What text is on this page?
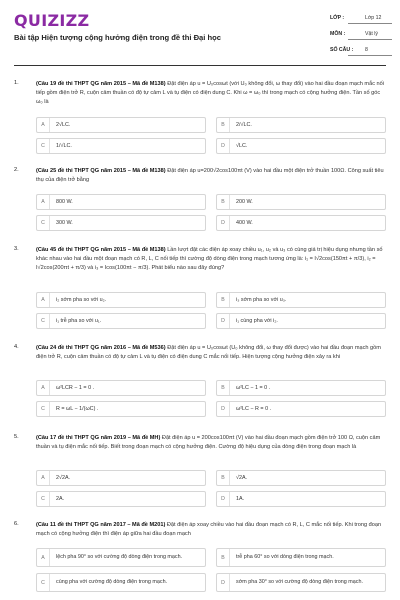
QUIZIZZ
Bài tập Hiện tượng cộng hưởng điện trong đề thi Đại học
LỚP :	Lớp 12
MÔN :	Vật lý
SỐ CÂU : 8
1.	(Câu 19 đề thi THPT QG năm 2015 – Mã đề M138) Đặt điện áp u = U₀cosωt (với U₀ không đổi, ω thay đổi) vào hai đầu đoạn mạch mắc nối tiếp gồm điện trở R, cuộn cảm thuần có độ tự cảm L và tụ điện có điện dung C. Khi ω = ω₀ thì trong mạch có cộng hưởng điện. Tần số góc ω₀ là
A	2√LC.	B	2/√LC.
C	1/√LC.	D	√LC.
2.	(Câu 25 đề thi THPT QG năm 2015 – Mã đề M138) Đặt điện áp u=200√2cos100πt (V) vào hai đầu một điện trở thuần 100Ω. Công suất tiêu thụ của điện trở bằng
A	800 W.	B	200 W.
C	300 W.	D	400 W.
3.	(Câu 45 đề thi THPT QG năm 2015 – Mã đề M138) Lần lượt đặt các điện áp xoay chiều u₁, u₂ và u₃ có cùng giá trị hiệu dụng nhưng tần số khác nhau vào hai đầu một đoạn mạch có R, L, C nối tiếp thì cường độ dòng điện trong mạch tương ứng là: i₁ = I√2cos(150πt + π/3), i₂ = I√2cos(200πt + π/3) và i₃ = Icos(100πt − π/3). Phát biểu nào sau đây đúng?
A	i₂ sớm pha so với u₂.	B	i₃ sớm pha so với u₃.
C	i₁ trễ pha so với u₁.	D	i₁ cùng pha với i₂.
4.	(Câu 24 đề thi THPT QG năm 2016 – Mã đề M536) Đặt điện áp u = U₀cosωt (U₀ không đổi, ω thay đổi được) vào hai đầu đoạn mạch gồm điện trở R, cuộn cảm thuần có độ tự cảm L và tụ điện có điện dung C mắc nối tiếp. Hiện tượng cộng hưởng điện xảy ra khi
A	ω²LCR − 1 = 0 .	B	ω²LC − 1 = 0 .
C	R = ωL − 1/(ωC) .	D	ω²LC − R = 0 .
5.	(Câu 17 đề thi THPT QG năm 2019 – Mã đề MH) Đặt điện áp u = 200cos100πt (V) vào hai đầu đoạn mạch gồm điện trở 100 Ω, cuộn cảm thuần và tụ điện mắc nối tiếp. Biết trong đoạn mạch có cộng hưởng điện. Cường độ hiệu dụng của dòng điện trong đoạn mạch là
A	2√2A.	B	√2A.
C	2A.	D	1A.
6.	(Câu 11 đề thi THPT QG năm 2017 – Mã đề M201) Đặt điện áp xoay chiều vào hai đầu đoạn mạch có R, L, C mắc nối tiếp. Khi trong đoạn mạch có cộng hưởng điện thì điện áp giữa hai đầu đoạn mạch
A	lệch pha 90° so với cường độ dòng điện trong mạch.	B	trễ pha 60° so với dòng điện trong mạch.
C	cùng pha với cường độ dòng điện trong mạch.	D	sớm pha 30° so với cường độ dòng điện trong mạch.
